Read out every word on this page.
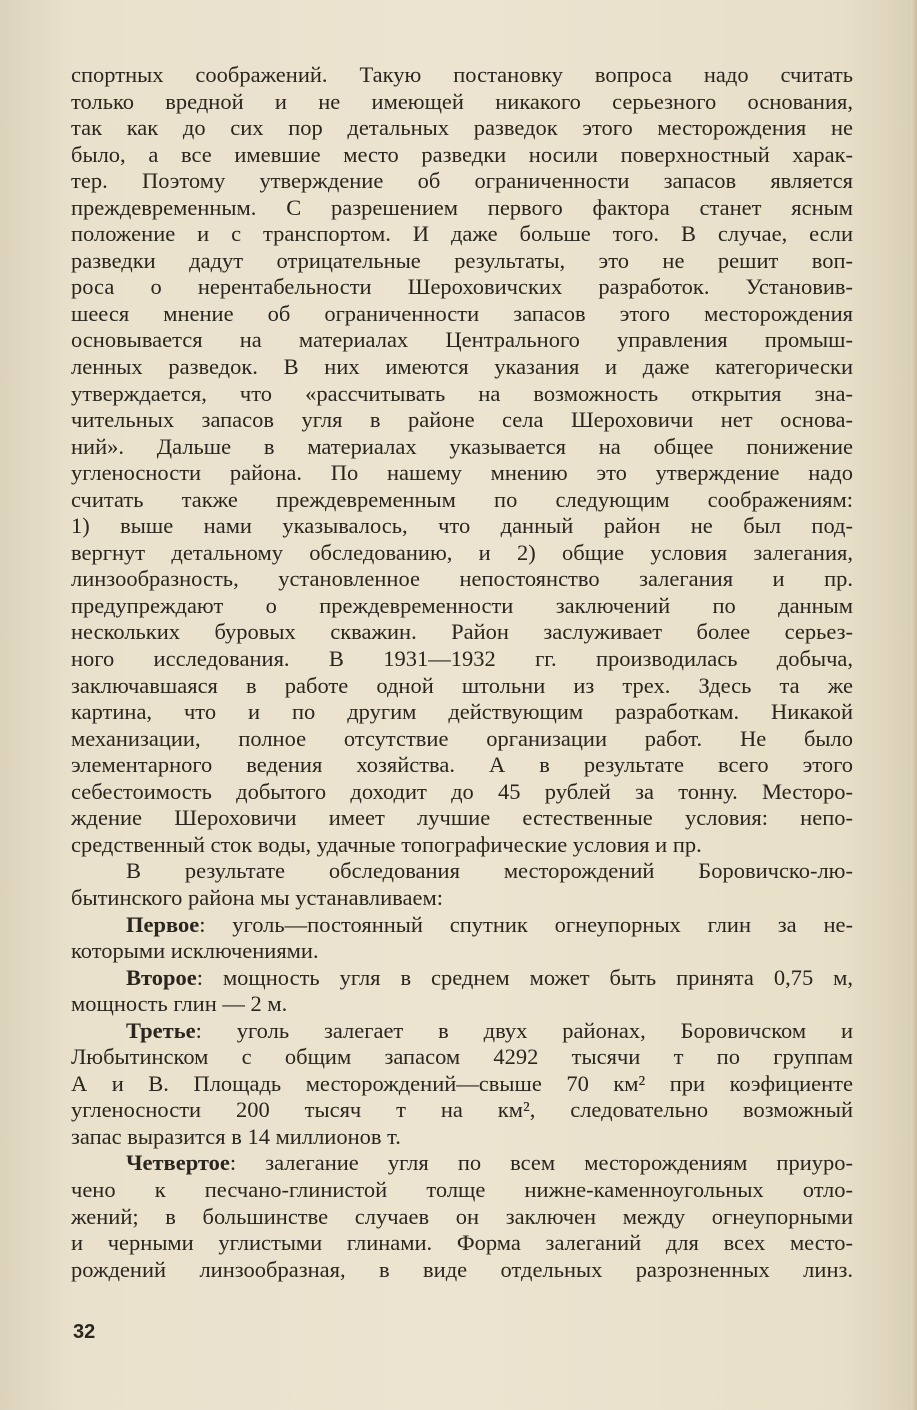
спортных соображений. Такую постановку вопроса надо считать
только вредной и не имеющей никакого серьезного основания,
так как до сих пор детальных разведок этого месторождения не
было, а все имевшие место разведки носили поверхностный харак-
тер. Поэтому утверждение об ограниченности запасов является
преждевременным. С разрешением первого фактора станет ясным
положение и с транспортом. И даже больше того. В случае, если
разведки дадут отрицательные результаты, это не решит воп-
роса о нерентабельности Шероховичских разработок. Установив-
шееся мнение об ограниченности запасов этого месторождения
основывается на материалах Центрального управления промыш-
ленных разведок. В них имеются указания и даже категорически
утверждается, что «рассчитывать на возможность открытия зна-
чительных запасов угля в районе села Шероховичи нет основа-
ний». Дальше в материалах указывается на общее понижение
угленосности района. По нашему мнению это утверждение надо
считать также преждевременным по следующим соображениям:
1) выше нами указывалось, что данный район не был под-
вергнут детальному обследованию, и 2) общие условия залегания,
линзообразность, установленное непостоянство залегания и пр.
предупреждают о преждевременности заключений по данным
нескольких буровых скважин. Район заслуживает более серьез-
ного исследования. В 1931—1932 гг. производилась добыча,
заключавшаяся в работе одной штольни из трех. Здесь та же
картина, что и по другим действующим разработкам. Никакой
механизации, полное отсутствие организации работ. Не было
элементарного ведения хозяйства. А в результате всего этого
себестоимость добытого доходит до 45 рублей за тонну. Месторо-
ждение Шероховичи имеет лучшие естественные условия: непо-
средственный сток воды, удачные топографические условия и пр.
В результате обследования месторождений Боровичско-лю-
бытинского района мы устанавливаем:
Первое: уголь—постоянный спутник огнеупорных глин за не-
которыми исключениями.
Второе: мощность угля в среднем может быть принята 0,75 м,
мощность глин — 2 м.
Третье: уголь залегает в двух районах, Боровичском и
Любытинском с общим запасом 4292 тысячи т по группам
А и В. Площадь месторождений—свыше 70 км² при коэфициенте
угленосности 200 тысяч т на км², следовательно возможный
запас выразится в 14 миллионов т.
Четвертое: залегание угля по всем месторождениям приуро-
чено к песчано-глинистой толще нижне-каменноугольных отло-
жений; в большинстве случаев он заключен между огнеупорными
и черными углистыми глинами. Форма залеганий для всех место-
рождений линзообразная, в виде отдельных разрозненных линз.
32
